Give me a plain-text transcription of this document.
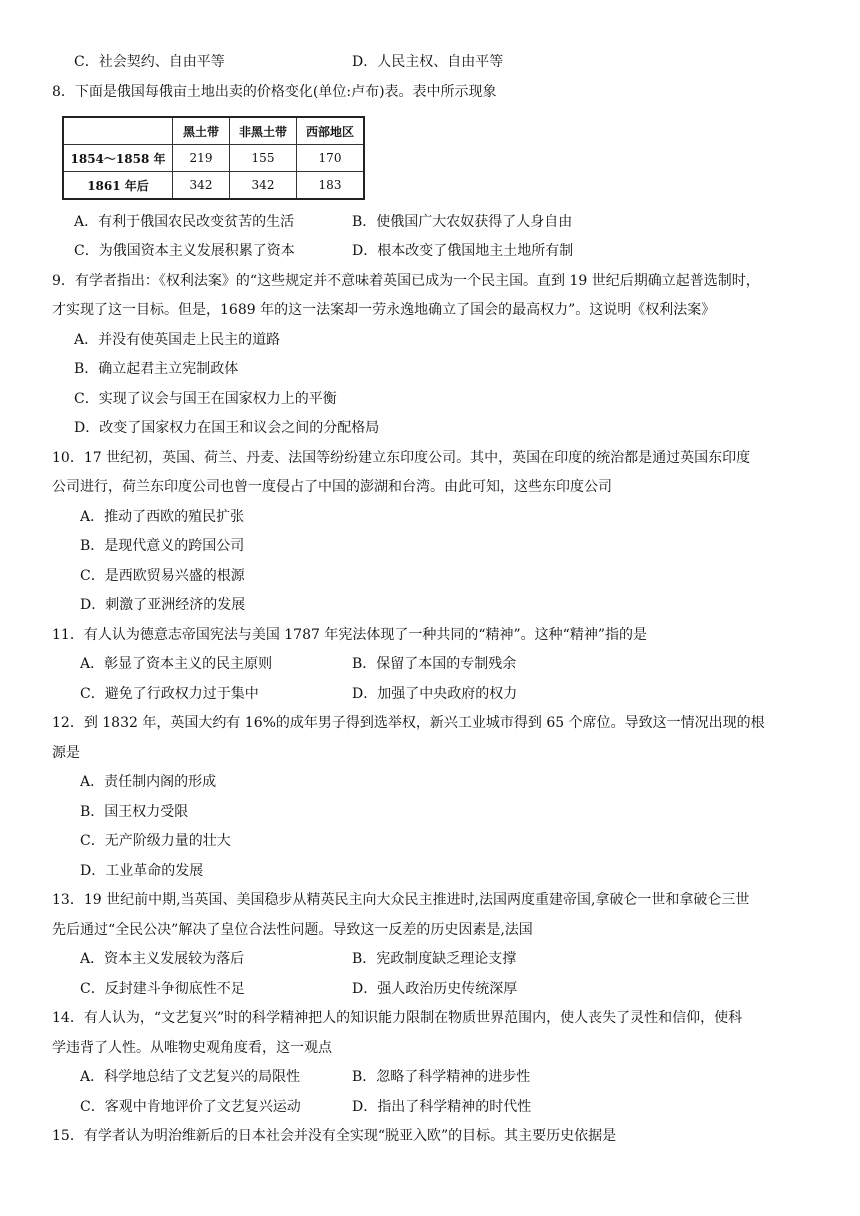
C．社会契约、自由平等	D．人民主权、自由平等
8．下面是俄国每俄亩土地出卖的价格变化(单位:卢布)表。表中所示现象
	黑土带	非黑土带	西部地区
1854～1858 年	219	155	170
1861 年后	342	342	183
A．有利于俄国农民改变贫苦的生活	B．使俄国广大农奴获得了人身自由
C．为俄国资本主义发展积累了资本	D．根本改变了俄国地主土地所有制
9．有学者指出：《权利法案》的“这些规定并不意味着英国已成为一个民主国。直到 19 世纪后期确立起普选制时，
才实现了这一目标。但是，1689 年的这一法案却一劳永逸地确立了国会的最高权力”。这说明《权利法案》
A．并没有使英国走上民主的道路
B．确立起君主立宪制政体
C．实现了议会与国王在国家权力上的平衡
D．改变了国家权力在国王和议会之间的分配格局
10．17 世纪初，英国、荷兰、丹麦、法国等纷纷建立东印度公司。其中，英国在印度的统治都是通过英国东印度
公司进行，荷兰东印度公司也曾一度侵占了中国的澎湖和台湾。由此可知，这些东印度公司
A．推动了西欧的殖民扩张
B．是现代意义的跨国公司
C．是西欧贸易兴盛的根源
D．刺激了亚洲经济的发展
11．有人认为德意志帝国宪法与美国 1787 年宪法体现了一种共同的“精神”。这种“精神”指的是
A．彰显了资本主义的民主原则	B．保留了本国的专制残余
C．避免了行政权力过于集中	D．加强了中央政府的权力
12．到 1832 年，英国大约有 16%的成年男子得到选举权，新兴工业城市得到 65 个席位。导致这一情况出现的根
源是
A．责任制内阁的形成
B．国王权力受限
C．无产阶级力量的壮大
D．工业革命的发展
13．19 世纪前中期,当英国、美国稳步从精英民主向大众民主推进时,法国两度重建帝国,拿破仑一世和拿破仑三世
先后通过“全民公决”解决了皇位合法性问题。导致这一反差的历史因素是,法国
A．资本主义发展较为落后	B．宪政制度缺乏理论支撑
C．反封建斗争彻底性不足	D．强人政治历史传统深厚
14．有人认为，“文艺复兴”时的科学精神把人的知识能力限制在物质世界范围内，使人丧失了灵性和信仰，使科
学违背了人性。从唯物史观角度看，这一观点
A．科学地总结了文艺复兴的局限性	B．忽略了科学精神的进步性
C．客观中肯地评价了文艺复兴运动	D．指出了科学精神的时代性
15．有学者认为明治维新后的日本社会并没有全实现“脱亚入欧”的目标。其主要历史依据是
